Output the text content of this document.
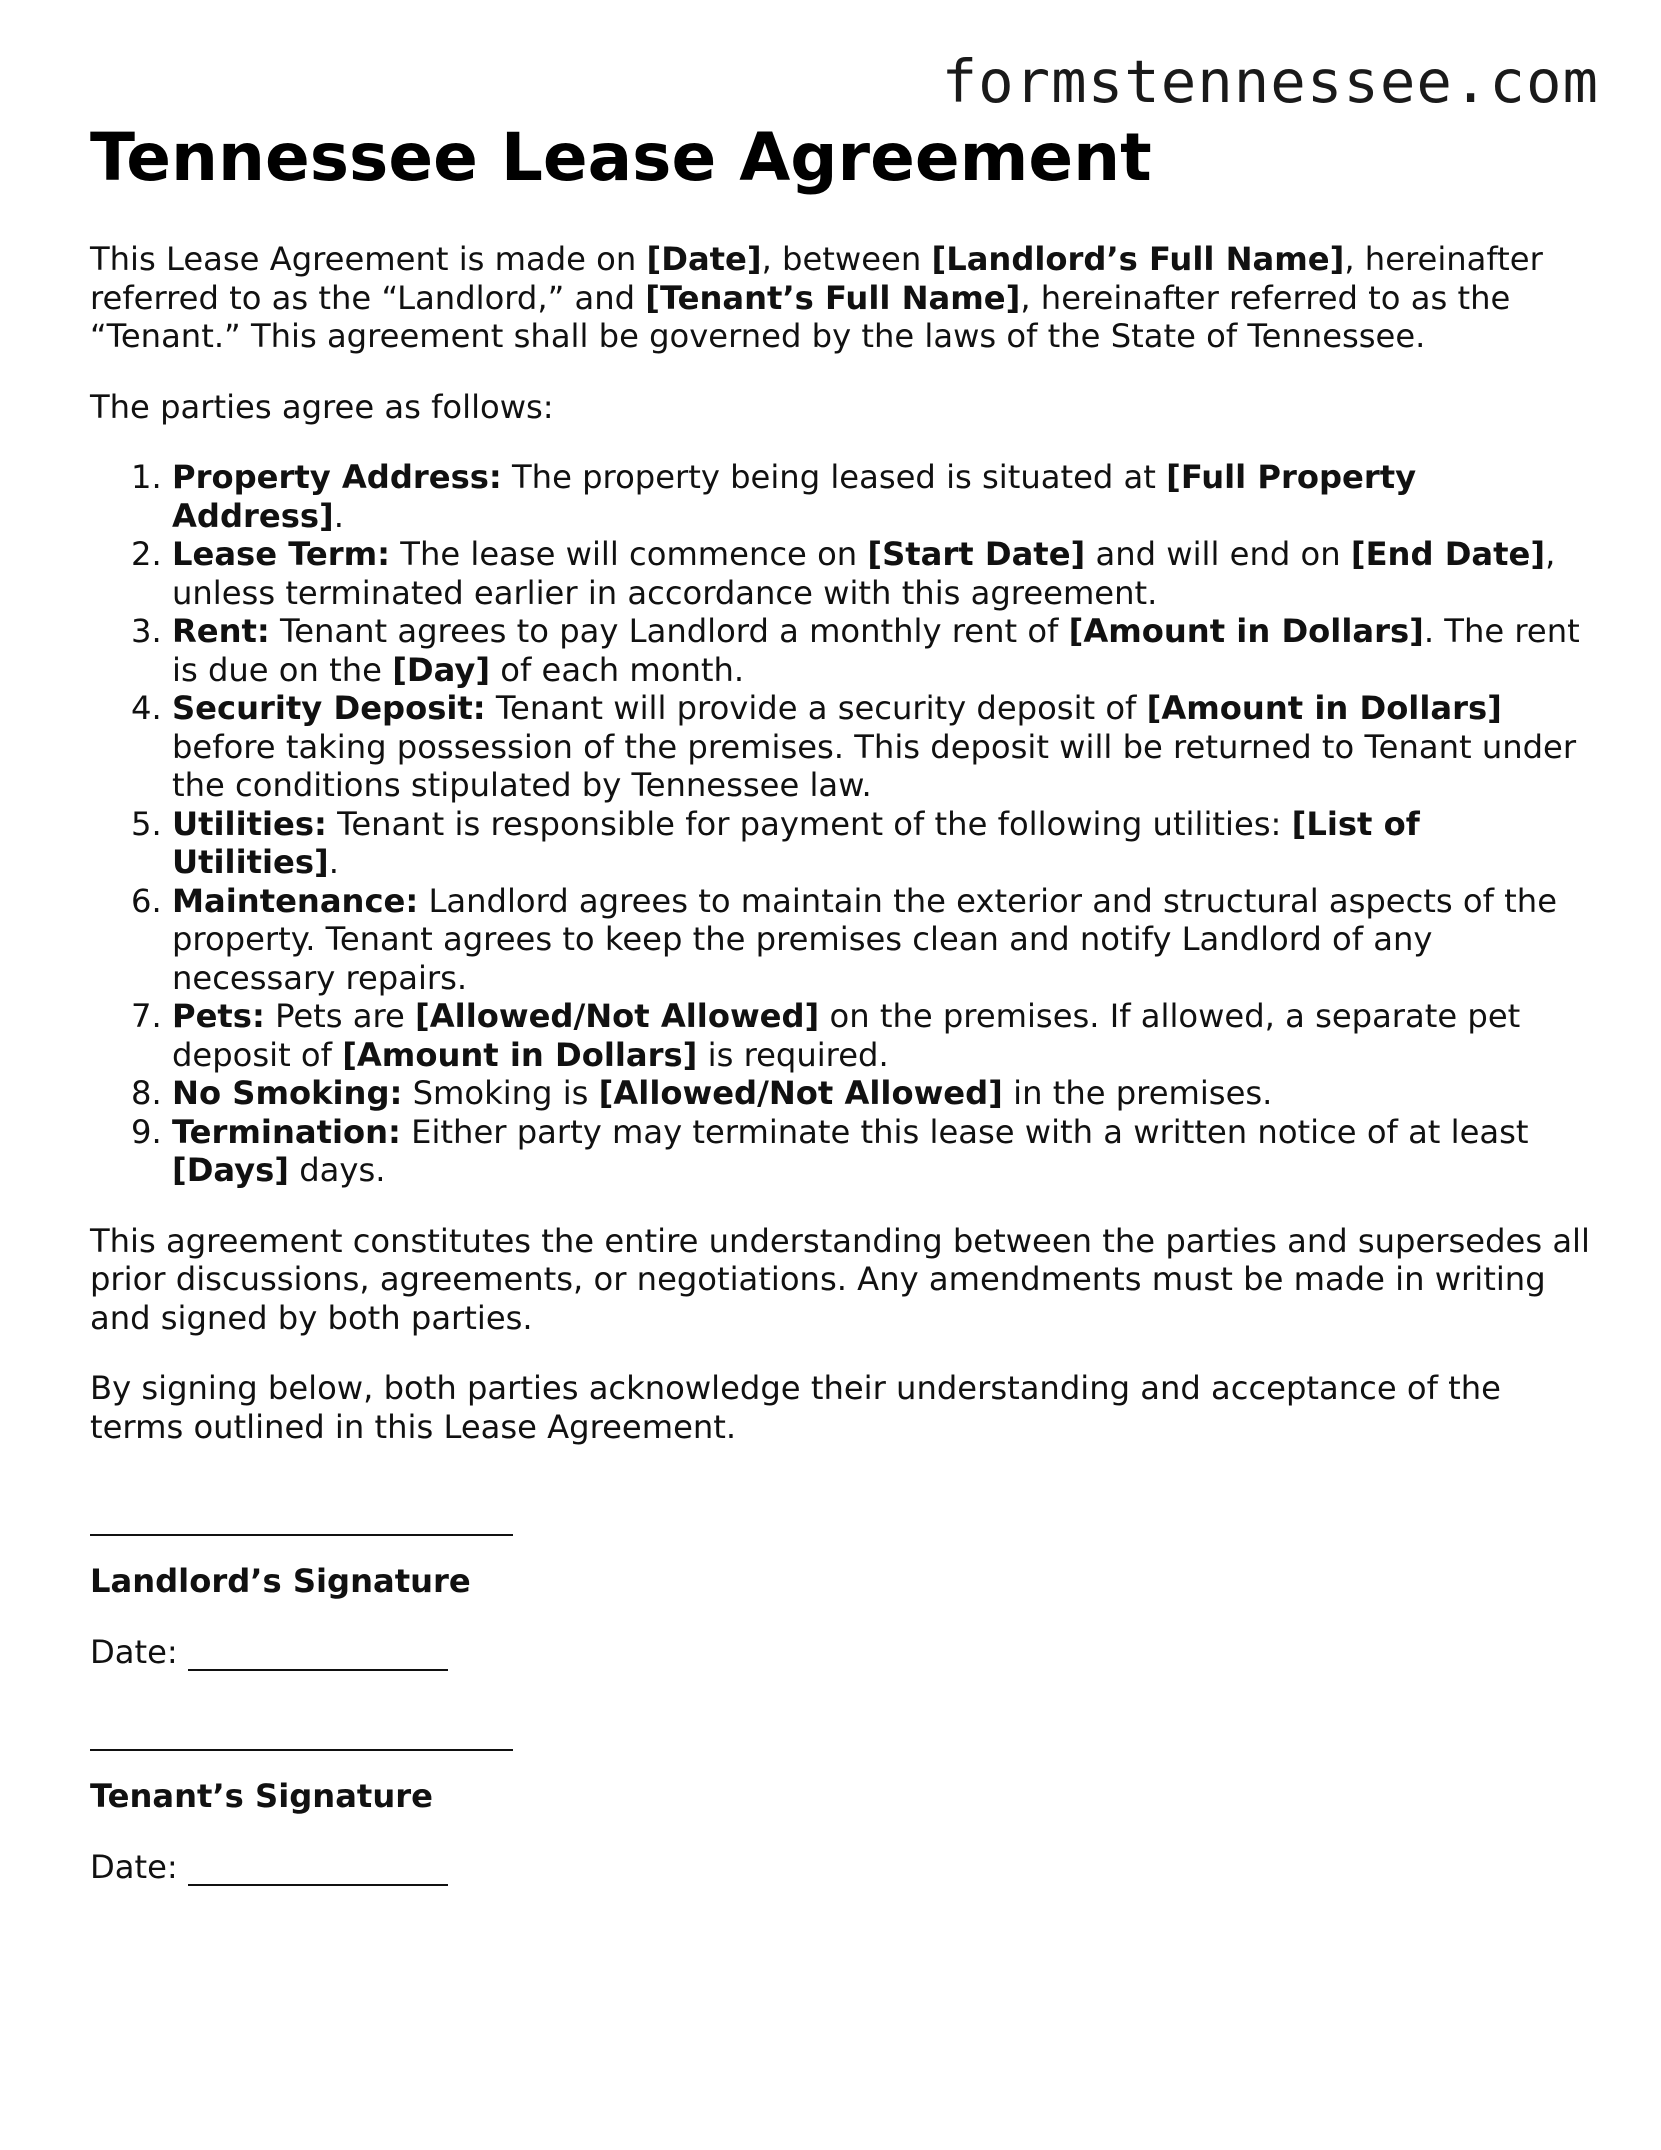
formstennessee.com
Tennessee Lease Agreement

This Lease Agreement is made on [Date], between [Landlord’s Full Name], hereinafter referred to as the “Landlord,” and [Tenant’s Full Name], hereinafter referred to as the “Tenant.” This agreement shall be governed by the laws of the State of Tennessee.

The parties agree as follows:

1. Property Address: The property being leased is situated at [Full Property Address].
2. Lease Term: The lease will commence on [Start Date] and will end on [End Date], unless terminated earlier in accordance with this agreement.
3. Rent: Tenant agrees to pay Landlord a monthly rent of [Amount in Dollars]. The rent is due on the [Day] of each month.
4. Security Deposit: Tenant will provide a security deposit of [Amount in Dollars] before taking possession of the premises. This deposit will be returned to Tenant under the conditions stipulated by Tennessee law.
5. Utilities: Tenant is responsible for payment of the following utilities: [List of Utilities].
6. Maintenance: Landlord agrees to maintain the exterior and structural aspects of the property. Tenant agrees to keep the premises clean and notify Landlord of any necessary repairs.
7. Pets: Pets are [Allowed/Not Allowed] on the premises. If allowed, a separate pet deposit of [Amount in Dollars] is required.
8. No Smoking: Smoking is [Allowed/Not Allowed] in the premises.
9. Termination: Either party may terminate this lease with a written notice of at least [Days] days.

This agreement constitutes the entire understanding between the parties and supersedes all prior discussions, agreements, or negotiations. Any amendments must be made in writing and signed by both parties.

By signing below, both parties acknowledge their understanding and acceptance of the terms outlined in this Lease Agreement.

Landlord’s Signature
Date:
Tenant’s Signature
Date:
